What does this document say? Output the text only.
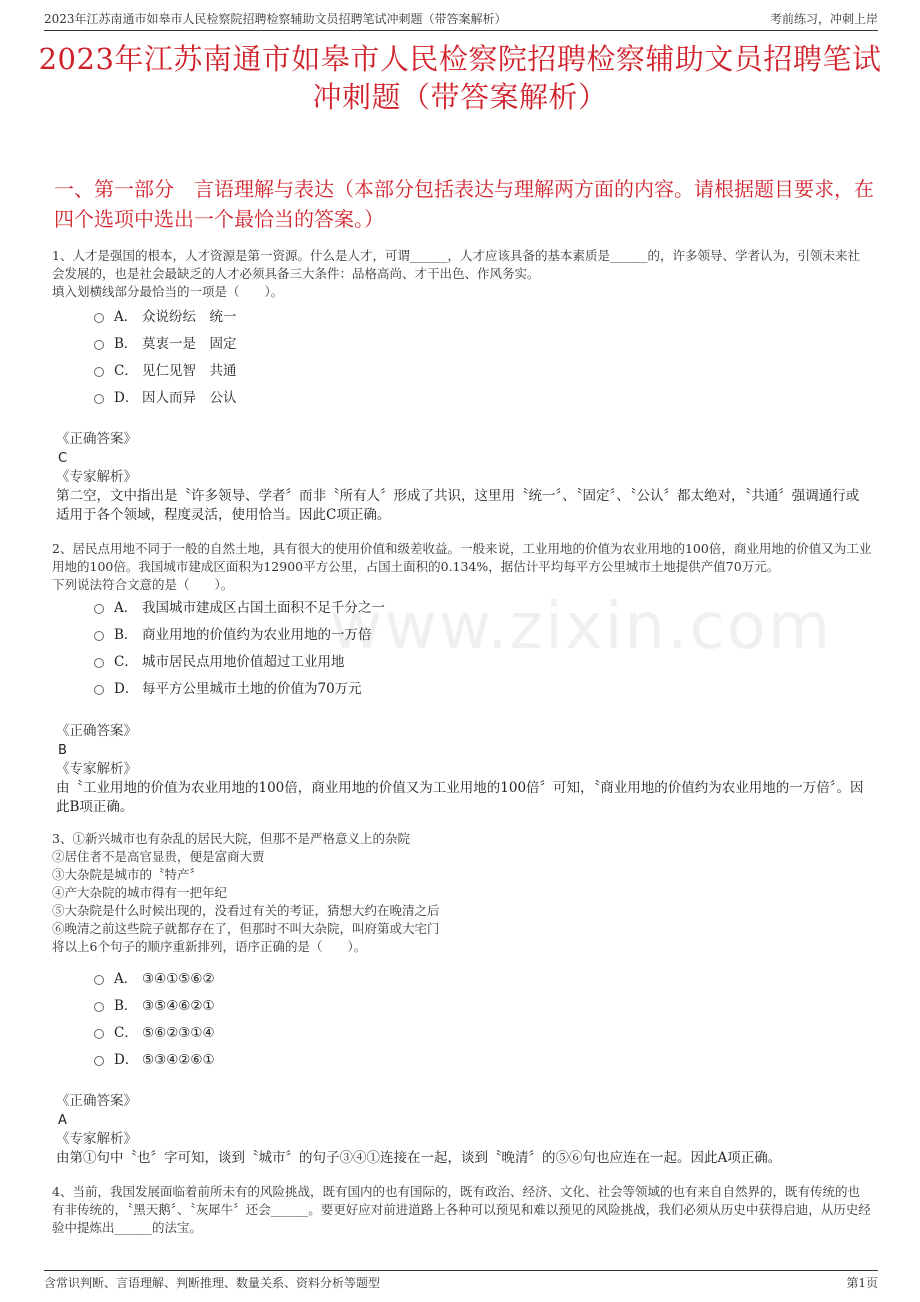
2023年江苏南通市如皋市人民检察院招聘检察辅助文员招聘笔试冲刺题（带答案解析）	考前练习，冲刺上岸
2023年江苏南通市如皋市人民检察院招聘检察辅助文员招聘笔试冲刺题（带答案解析）
一、第一部分　言语理解与表达（本部分包括表达与理解两方面的内容。请根据题目要求，在四个选项中选出一个最恰当的答案。）
www.zixin.com

1、人才是强国的根本，人才资源是第一资源。什么是人才，可谓______，人才应该具备的基本素质是______的，许多领导、学者认为，引领未来社会发展的，也是社会最缺乏的人才必须具备三大条件：品格高尚、才干出色、作风务实。

填入划横线部分最恰当的一项是（　　）。

A． 众说纷纭　统一
B． 莫衷一是　固定
C． 见仁见智　共通
D． 因人而异　公认
《正确答案》
C
《专家解析》
第二空，文中指出是〝许多领导、学者〞而非〝所有人〞形成了共识，这里用〝统一〞、〝固定〞、〝公认〞都太绝对，〝共通〞强调通行或适用于各个领域，程度灵活，使用恰当。因此C项正确。

2、居民点用地不同于一般的自然土地，具有很大的使用价值和级差收益。一般来说，工业用地的价值为农业用地的100倍，商业用地的价值又为工业用地的100倍。我国城市建成区面积为12900平方公里，占国土面积的0.134%，据估计平均每平方公里城市土地提供产值70万元。

下列说法符合文意的是（　　）。

A． 我国城市建成区占国土面积不足千分之一
B． 商业用地的价值约为农业用地的一万倍
C． 城市居民点用地价值超过工业用地
D． 每平方公里城市土地的价值为70万元
《正确答案》
B
《专家解析》
由〝工业用地的价值为农业用地的100倍，商业用地的价值又为工业用地的100倍〞可知，〝商业用地的价值约为农业用地的一万倍〞。因此B项正确。

3、①新兴城市也有杂乱的居民大院，但那不是严格意义上的杂院

②居住者不是高官显贵，便是富商大贾

③大杂院是城市的〝特产〞

④产大杂院的城市得有一把年纪

⑤大杂院是什么时候出现的，没看过有关的考证，猜想大约在晚清之后

⑥晚清之前这些院子就都存在了，但那时不叫大杂院，叫府第或大宅门

将以上6个句子的顺序重新排列，语序正确的是（　　）。

A． ③④①⑤⑥②
B． ③⑤④⑥②①
C． ⑤⑥②③①④
D． ⑤③④②⑥①
《正确答案》
A
《专家解析》
由第①句中〝也〞字可知，谈到〝城市〞的句子③④①连接在一起，谈到〝晚清〞的⑤⑥句也应连在一起。因此A项正确。

4、当前，我国发展面临着前所未有的风险挑战，既有国内的也有国际的，既有政治、经济、文化、社会等领域的也有来自自然界的，既有传统的也有非传统的，〝黑天鹅〞、〝灰犀牛〞还会______。要更好应对前进道路上各种可以预见和难以预见的风险挑战，我们必须从历史中获得启迪，从历史经验中提炼出______的法宝。

含常识判断、言语理解、判断推理、数量关系、资料分析等题型	第1页
